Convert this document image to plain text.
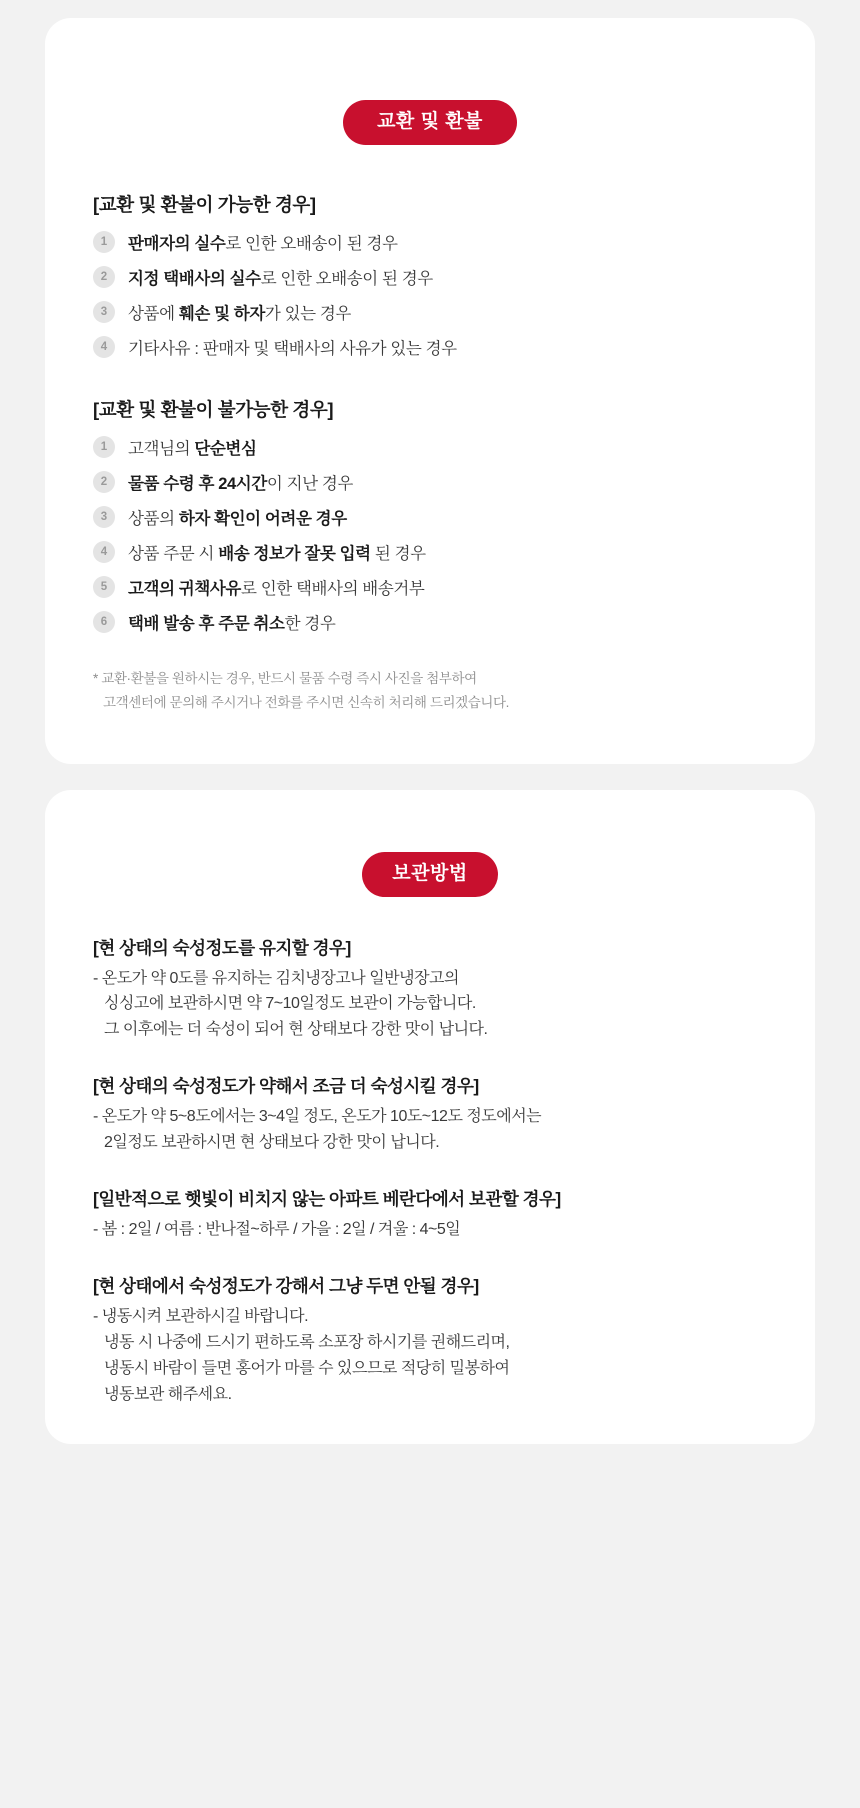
교환 및 환불
[교환 및 환불이 가능한 경우]
1	판매자의 실수로 인한 오배송이 된 경우
2	지정 택배사의 실수로 인한 오배송이 된 경우
3	상품에 훼손 및 하자가 있는 경우
4	기타사유 : 판매자 및 택배사의 사유가 있는 경우
[교환 및 환불이 불가능한 경우]
1	고객님의 단순변심
2	물품 수령 후 24시간이 지난 경우
3	상품의 하자 확인이 어려운 경우
4	상품 주문 시 배송 정보가 잘못 입력 된 경우
5	고객의 귀책사유로 인한 택배사의 배송거부
6	택배 발송 후 주문 취소한 경우

* 교환·환불을 원하시는 경우, 반드시 물품 수령 즉시 사진을 첨부하여
고객센터에 문의해 주시거나 전화를 주시면 신속히 처리해 드리겠습니다.

보관방법
[현 상태의 숙성정도를 유지할 경우]
- 온도가 약 0도를 유지하는 김치냉장고나 일반냉장고의
싱싱고에 보관하시면 약 7~10일정도 보관이 가능합니다.
그 이후에는 더 숙성이 되어 현 상태보다 강한 맛이 납니다.
[현 상태의 숙성정도가 약해서 조금 더 숙성시킬 경우]
- 온도가 약 5~8도에서는 3~4일 정도, 온도가 10도~12도 정도에서는
2일정도 보관하시면 현 상태보다 강한 맛이 납니다.
[일반적으로 햇빛이 비치지 않는 아파트 베란다에서 보관할 경우]
- 봄 : 2일 / 여름 : 반나절~하루 / 가을 : 2일 / 겨울 : 4~5일
[현 상태에서 숙성정도가 강해서 그냥 두면 안될 경우]
- 냉동시켜 보관하시길 바랍니다.
냉동 시 나중에 드시기 편하도록 소포장 하시기를 권해드리며,
냉동시 바람이 들면 홍어가 마를 수 있으므로 적당히 밀봉하여
냉동보관 해주세요.
